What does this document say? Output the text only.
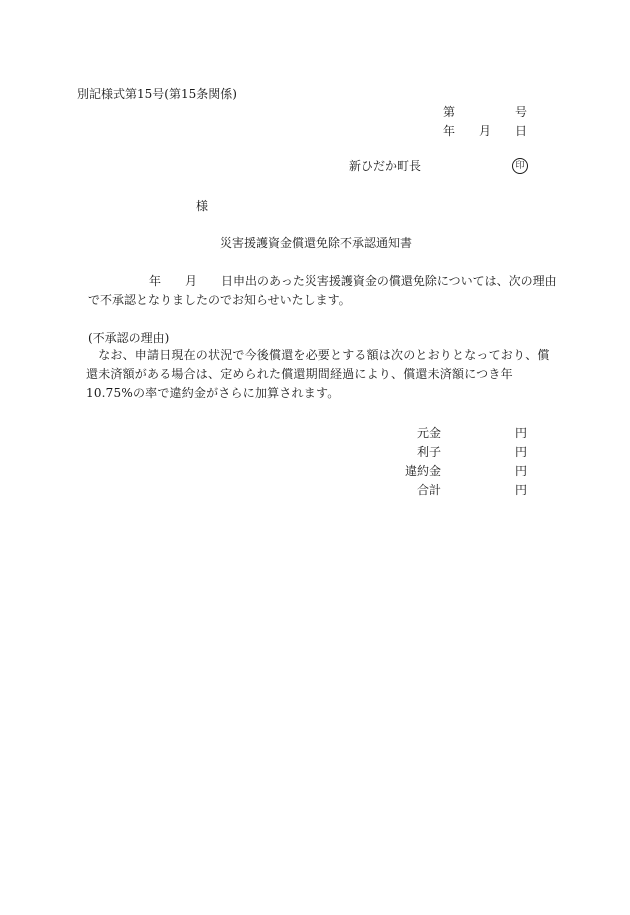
別記様式第15号(第15条関係)
第	号
年 月 日
新ひだか町長	印
様
災害援護資金償還免除不承認通知書
年 月 日申出のあった災害援護資金の償還免除については、次の理由
で不承認となりましたのでお知らせいたします。
(不承認の理由)
　なお、申請日現在の状況で今後償還を必要とする額は次のとおりとなっており、償還未済額がある場合は、定められた償還期間経過により、償還未済額につき年10.75%の率で違約金がさらに加算されます。
元金	円
利子	円
違約金	円
合計	円
